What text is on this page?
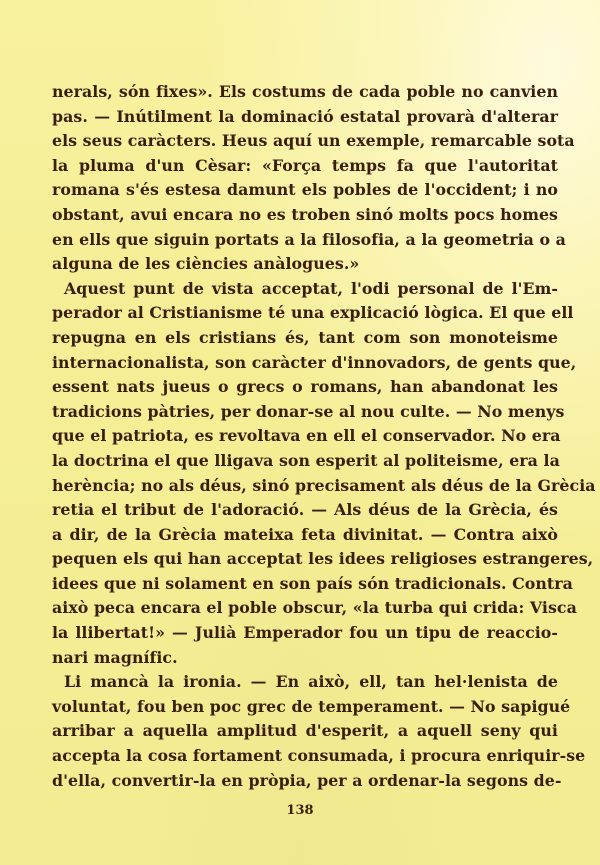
nerals, són fixes». Els costums de cada poble no canvien

pas. — Inútilment la dominació estatal provarà d'alterar

els seus caràcters. Heus aquí un exemple, remarcable sota

la pluma d'un Cèsar: «Força temps fa que l'autoritat

romana s'és estesa damunt els pobles de l'occident; i no

obstant, avui encara no es troben sinó molts pocs homes

en ells que siguin portats a la filosofia, a la geometria o a

alguna de les ciències anàlogues.»

Aquest punt de vista acceptat, l'odi personal de l'Em-

perador al Cristianisme té una explicació lògica. El que ell

repugna en els cristians és, tant com son monoteisme

internacionalista, son caràcter d'innovadors, de gents que,

essent nats jueus o grecs o romans, han abandonat les

tradicions pàtries, per donar-se al nou culte. — No menys

que el patriota, es revoltava en ell el conservador. No era

la doctrina el que lligava son esperit al politeisme, era la

herència; no als déus, sinó precisament als déus de la Grècia

retia el tribut de l'adoració. — Als déus de la Grècia, és

a dir, de la Grècia mateixa feta divinitat. — Contra això

pequen els qui han acceptat les idees religioses estrangeres,

idees que ni solament en son país són tradicionals. Contra

això peca encara el poble obscur, «la turba qui crida: Visca

la llibertat!» — Julià Emperador fou un tipu de reaccio-

nari magnífic.

Li mancà la ironia. — En això, ell, tan hel·lenista de

voluntat, fou ben poc grec de temperament. — No sapigué

arribar a aquella amplitud d'esperit, a aquell seny qui

accepta la cosa fortament consumada, i procura enriquir-se

d'ella, convertir-la en pròpia, per a ordenar-la segons de-

138
